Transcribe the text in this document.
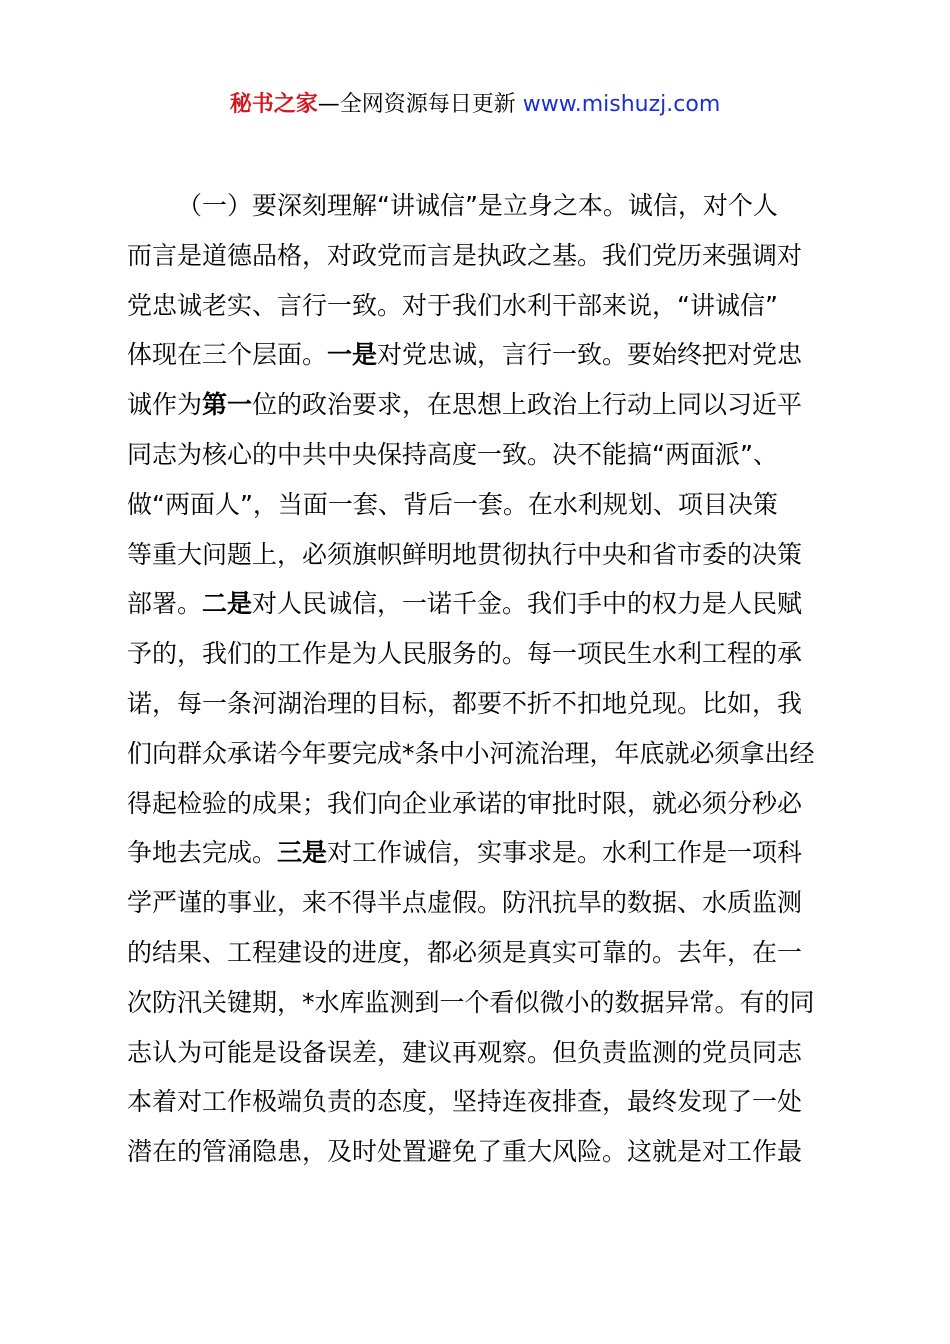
秘书之家—全网资源每日更新 www.mishuzj.com
（一）要深刻理解“讲诚信”是立身之本。诚信，对个人
而言是道德品格，对政党而言是执政之基。我们党历来强调对
党忠诚老实、言行一致。对于我们水利干部来说，“讲诚信”
体现在三个层面。一是对党忠诚，言行一致。要始终把对党忠
诚作为第一位的政治要求，在思想上政治上行动上同以习近平
同志为核心的中共中央保持高度一致。决不能搞“两面派”、
做“两面人”，当面一套、背后一套。在水利规划、项目决策
等重大问题上，必须旗帜鲜明地贯彻执行中央和省市委的决策
部署。二是对人民诚信，一诺千金。我们手中的权力是人民赋
予的，我们的工作是为人民服务的。每一项民生水利工程的承
诺，每一条河湖治理的目标，都要不折不扣地兑现。比如，我
们向群众承诺今年要完成*条中小河流治理，年底就必须拿出经
得起检验的成果；我们向企业承诺的审批时限，就必须分秒必
争地去完成。三是对工作诚信，实事求是。水利工作是一项科
学严谨的事业，来不得半点虚假。防汛抗旱的数据、水质监测
的结果、工程建设的进度，都必须是真实可靠的。去年，在一
次防汛关键期，*水库监测到一个看似微小的数据异常。有的同
志认为可能是设备误差，建议再观察。但负责监测的党员同志
本着对工作极端负责的态度，坚持连夜排查，最终发现了一处
潜在的管涌隐患，及时处置避免了重大风险。这就是对工作最
